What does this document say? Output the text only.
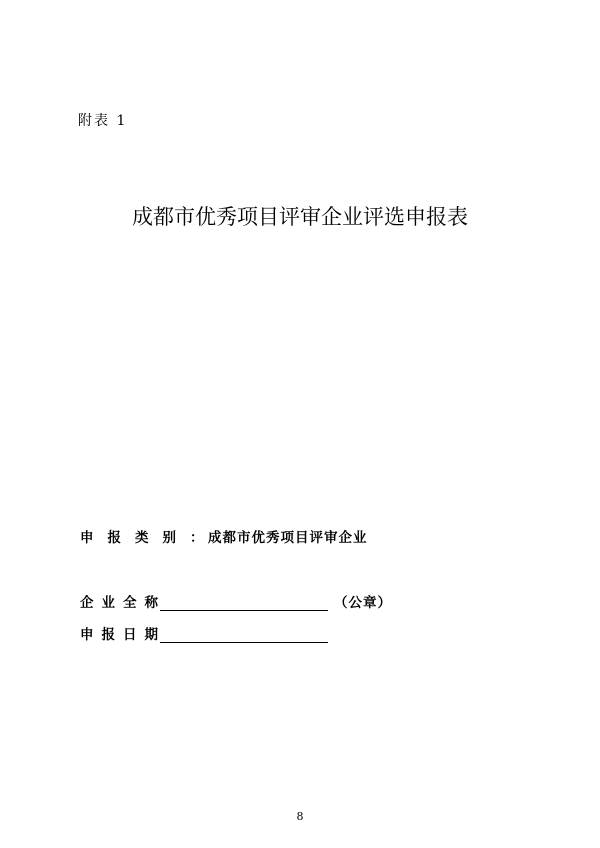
附表 1
成都市优秀项目评审企业评选申报表
申报类别：
成都市优秀项目评审企业
企业全称	（公章）
申报日期
8
